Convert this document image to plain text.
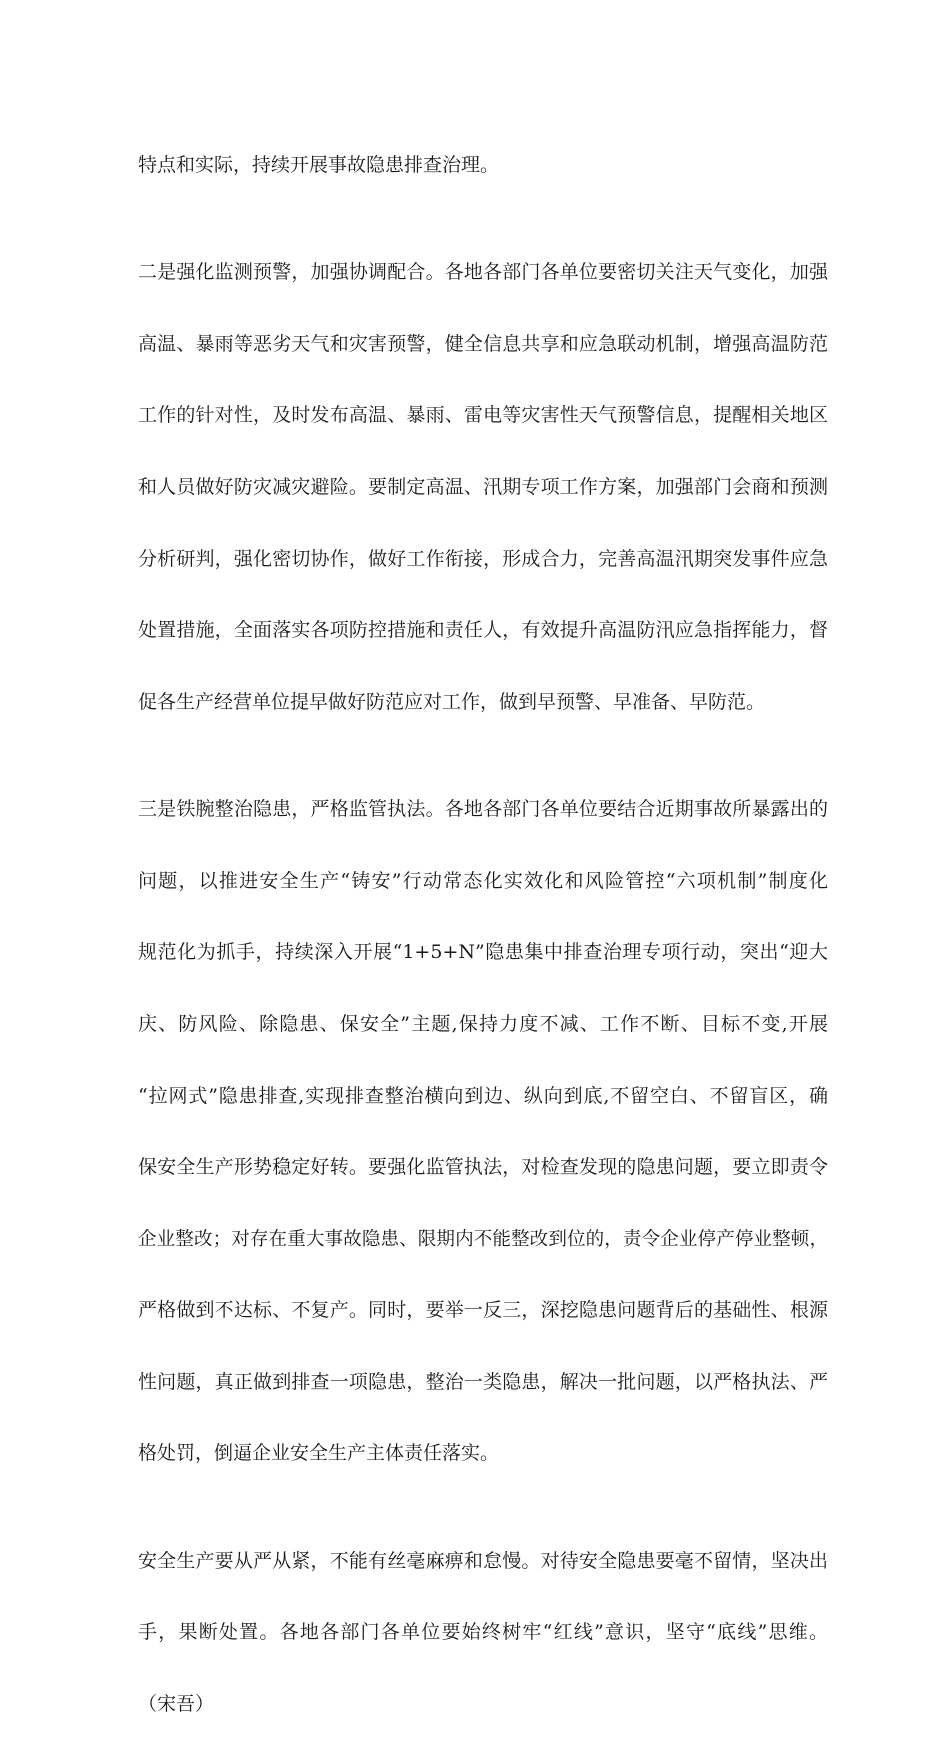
特点和实际，持续开展事故隐患排查治理。

二是强化监测预警，加强协调配合。各地各部门各单位要密切关注天气变化，加强

高温、暴雨等恶劣天气和灾害预警，健全信息共享和应急联动机制，增强高温防范

工作的针对性，及时发布高温、暴雨、雷电等灾害性天气预警信息，提醒相关地区

和人员做好防灾减灾避险。要制定高温、汛期专项工作方案，加强部门会商和预测

分析研判，强化密切协作，做好工作衔接，形成合力，完善高温汛期突发事件应急

处置措施，全面落实各项防控措施和责任人，有效提升高温防汛应急指挥能力，督

促各生产经营单位提早做好防范应对工作，做到早预警、早准备、早防范。

三是铁腕整治隐患，严格监管执法。各地各部门各单位要结合近期事故所暴露出的

问题，以推进安全生产“铸安”行动常态化实效化和风险管控“六项机制”制度化

规范化为抓手，持续深入开展“1+5+N”隐患集中排查治理专项行动，突出“迎大

庆、防风险、除隐患、保安全”主题,保持力度不减、工作不断、目标不变,开展

“拉网式”隐患排查,实现排查整治横向到边、纵向到底,不留空白、不留盲区，确

保安全生产形势稳定好转。要强化监管执法，对检查发现的隐患问题，要立即责令

企业整改；对存在重大事故隐患、限期内不能整改到位的，责令企业停产停业整顿，

严格做到不达标、不复产。同时，要举一反三，深挖隐患问题背后的基础性、根源

性问题，真正做到排查一项隐患，整治一类隐患，解决一批问题，以严格执法、严

格处罚，倒逼企业安全生产主体责任落实。

安全生产要从严从紧，不能有丝毫麻痹和怠慢。对待安全隐患要毫不留情，坚决出

手，果断处置。各地各部门各单位要始终树牢“红线”意识，坚守“底线”思维。

（宋吾）
